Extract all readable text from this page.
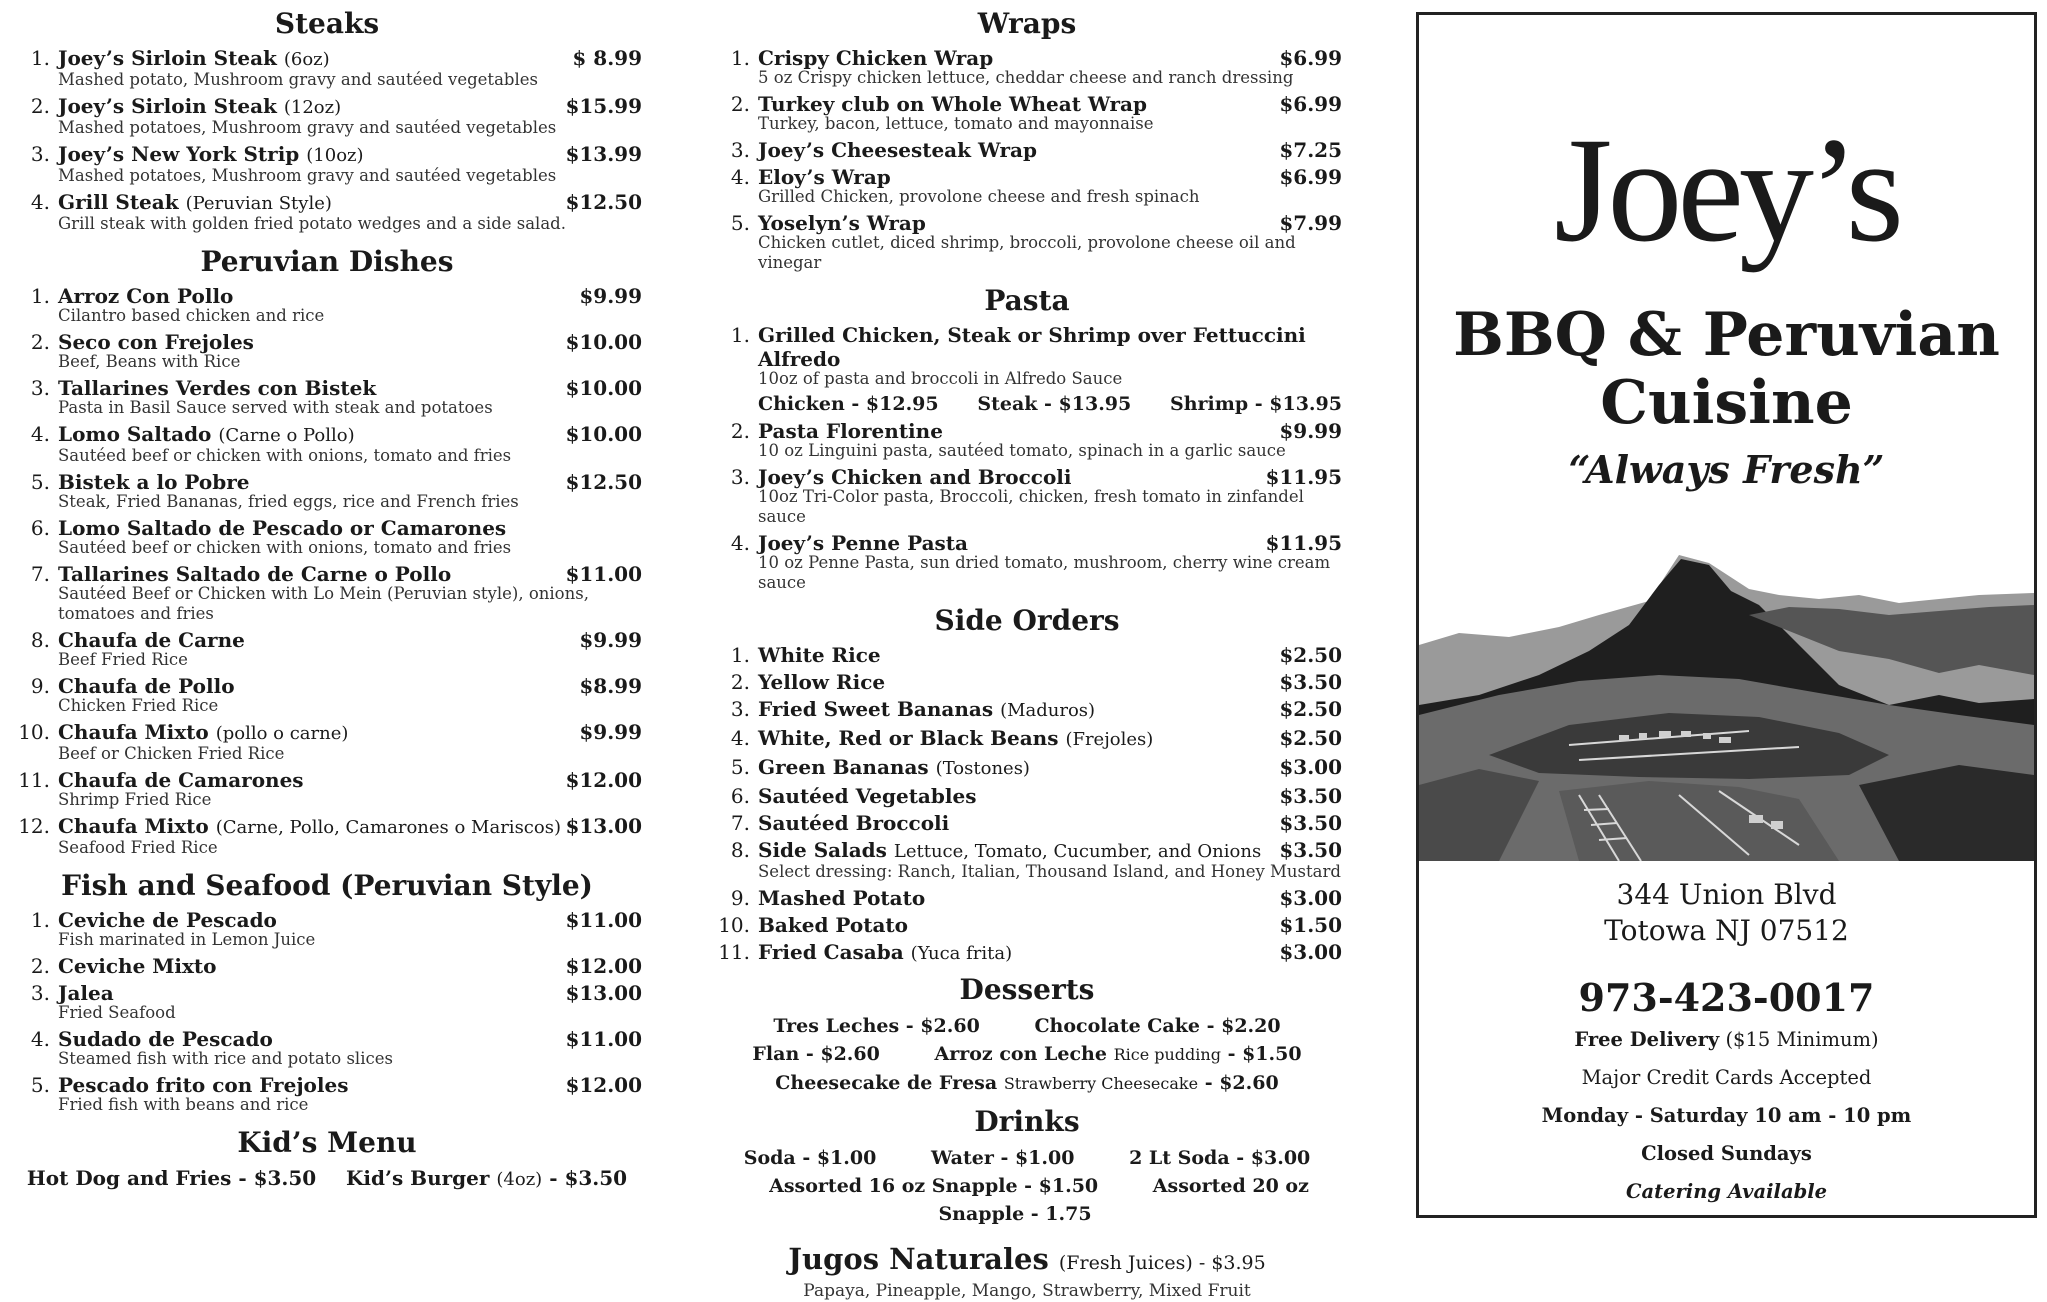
Steaks
1. Joey’s Sirloin Steak (6oz)	$ 8.99
Mashed potato, Mushroom gravy and sautéed vegetables
2. Joey’s Sirloin Steak (12oz)	$15.99
Mashed potatoes, Mushroom gravy and sautéed vegetables
3. Joey’s New York Strip (10oz)	$13.99
Mashed potatoes, Mushroom gravy and sautéed vegetables
4. Grill Steak (Peruvian Style)	$12.50
Grill steak with golden fried potato wedges and a side salad.
Peruvian Dishes
1. Arroz Con Pollo	$9.99
Cilantro based chicken and rice
2. Seco con Frejoles	$10.00
Beef, Beans with Rice
3. Tallarines Verdes con Bistek	$10.00
Pasta in Basil Sauce served with steak and potatoes
4. Lomo Saltado (Carne o Pollo)	$10.00
Sautéed beef or chicken with onions, tomato and fries
5. Bistek a lo Pobre	$12.50
Steak, Fried Bananas, fried eggs, rice and French fries
6. Lomo Saltado de Pescado or Camarones
Sautéed beef or chicken with onions, tomato and fries
7. Tallarines Saltado de Carne o Pollo	$11.00
Sautéed Beef or Chicken with Lo Mein (Peruvian style), onions, tomatoes and fries
8. Chaufa de Carne	$9.99
Beef Fried Rice
9. Chaufa de Pollo	$8.99
Chicken Fried Rice
10. Chaufa Mixto (pollo o carne)	$9.99
Beef or Chicken Fried Rice
11. Chaufa de Camarones	$12.00
Shrimp Fried Rice
12. Chaufa Mixto (Carne, Pollo, Camarones o Mariscos) $13.00
Seafood Fried Rice
Fish and Seafood (Peruvian Style)
1. Ceviche de Pescado	$11.00
Fish marinated in Lemon Juice
2. Ceviche Mixto	$12.00
3. Jalea	$13.00
Fried Seafood
4. Sudado de Pescado	$11.00
Steamed fish with rice and potato slices
5. Pescado frito con Frejoles	$12.00
Fried fish with beans and rice
Kid’s Menu
Hot Dog and Fries - $3.50 Kid’s Burger (4oz) - $3.50
Wraps
1. Crispy Chicken Wrap	$6.99
5 oz Crispy chicken lettuce, cheddar cheese and ranch dressing
2. Turkey club on Whole Wheat Wrap	$6.99
Turkey, bacon, lettuce, tomato and mayonnaise
3. Joey’s Cheesesteak Wrap	$7.25
4. Eloy’s Wrap	$6.99
Grilled Chicken, provolone cheese and fresh spinach
5. Yoselyn’s Wrap	$7.99
Chicken cutlet, diced shrimp, broccoli, provolone cheese oil and vinegar
Pasta
1. Grilled Chicken, Steak or Shrimp over Fettuccini Alfredo
10oz of pasta and broccoli in Alfredo Sauce
Chicken - $12.95 Steak - $13.95 Shrimp - $13.95
2. Pasta Florentine	$9.99
10 oz Linguini pasta, sautéed tomato, spinach in a garlic sauce
3. Joey’s Chicken and Broccoli	$11.95
10oz Tri-Color pasta, Broccoli, chicken, fresh tomato in zinfandel sauce
4. Joey’s Penne Pasta	$11.95
10 oz Penne Pasta, sun dried tomato, mushroom, cherry wine cream sauce
Side Orders
1. White Rice	$2.50
2. Yellow Rice	$3.50
3. Fried Sweet Bananas (Maduros)	$2.50
4. White, Red or Black Beans (Frejoles)	$2.50
5. Green Bananas (Tostones)	$3.00
6. Sautéed Vegetables	$3.50
7. Sautéed Broccoli	$3.50
8. Side Salads Lettuce, Tomato, Cucumber, and Onions $3.50
Select dressing: Ranch, Italian, Thousand Island, and Honey Mustard
9. Mashed Potato	$3.00
10. Baked Potato	$1.50
11. Fried Casaba (Yuca frita)	$3.00
Desserts
Tres Leches - $2.60	Chocolate Cake - $2.20
Flan - $2.60	Arroz con Leche Rice pudding - $1.50
Cheesecake de Fresa Strawberry Cheesecake - $2.60
Drinks
Soda - $1.00	Water - $1.00	2 Lt Soda - $3.00
Assorted 16 oz Snapple - $1.50	Assorted 20 oz Snapple - 1.75
Jugos Naturales (Fresh Juices) - $3.95
Papaya, Pineapple, Mango, Strawberry, Mixed Fruit
Joey’s
BBQ & Peruvian
Cuisine
“Always Fresh”
344 Union Blvd
Totowa NJ 07512
973-423-0017
Free Delivery ($15 Minimum)
Major Credit Cards Accepted
Monday - Saturday 10 am - 10 pm
Closed Sundays
Catering Available
